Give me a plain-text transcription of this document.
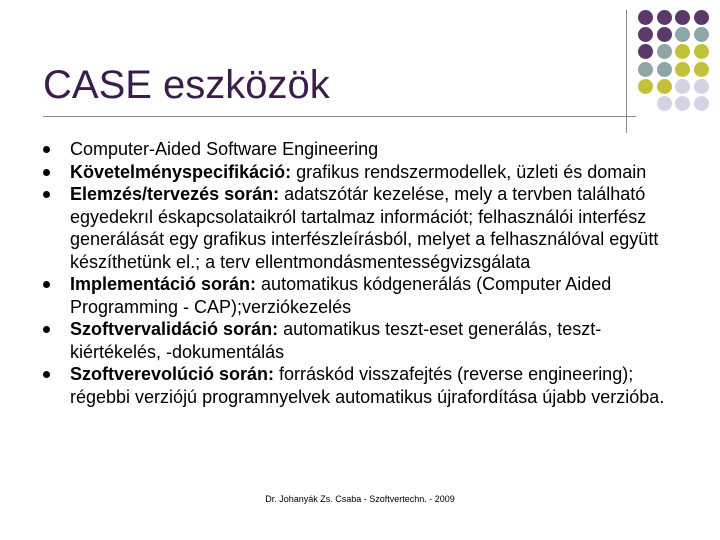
CASE eszközök
Computer-Aided Software Engineering
Követelményspecifikáció: grafikus rendszermodellek, üzleti és domain
Elemzés/tervezés során: adatszótár kezelése, mely a tervben található egyedekrıl éskapcsolataikról tartalmaz információt; felhasználói interfész generálását egy grafikus interfészleírásból, melyet a felhasználóval együtt készíthetünk el.; a terv ellentmondásmentességvizsgálata
Implementáció során: automatikus kódgenerálás (Computer Aided Programming - CAP);verziókezelés
Szoftvervalidáció során: automatikus teszt-eset generálás, teszt-kiértékelés, -dokumentálás
Szoftverevolúció során: forráskód visszafejtés (reverse engineering); régebbi verziójú programnyelvek automatikus újrafordítása újabb verzióba.
Dr. Johanyák Zs. Csaba - Szoftvertechn. - 2009
